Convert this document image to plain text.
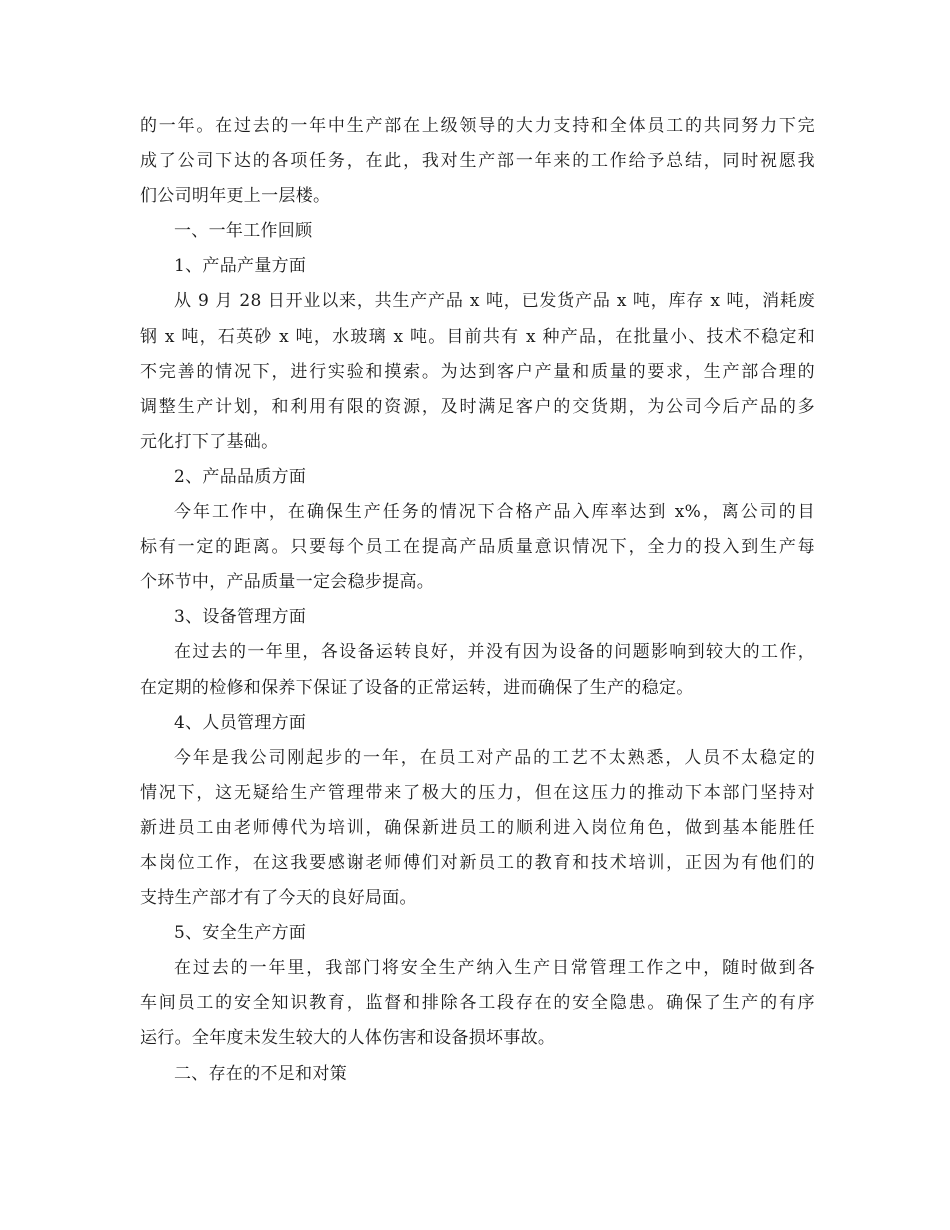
的一年。在过去的一年中生产部在上级领导的大力支持和全体员工的共同努力下完
成了公司下达的各项任务，在此，我对生产部一年来的工作给予总结，同时祝愿我
们公司明年更上一层楼。
一、一年工作回顾
1、产品产量方面
从 9 月 28 日开业以来，共生产产品 x 吨，已发货产品 x 吨，库存 x 吨，消耗废
钢 x 吨，石英砂 x 吨，水玻璃 x 吨。目前共有 x 种产品，在批量小、技术不稳定和
不完善的情况下，进行实验和摸索。为达到客户产量和质量的要求，生产部合理的
调整生产计划，和利用有限的资源，及时满足客户的交货期，为公司今后产品的多
元化打下了基础。
2、产品品质方面
今年工作中，在确保生产任务的情况下合格产品入库率达到 x%，离公司的目
标有一定的距离。只要每个员工在提高产品质量意识情况下，全力的投入到生产每
个环节中，产品质量一定会稳步提高。
3、设备管理方面
在过去的一年里，各设备运转良好，并没有因为设备的问题影响到较大的工作，
在定期的检修和保养下保证了设备的正常运转，进而确保了生产的稳定。
4、人员管理方面
今年是我公司刚起步的一年，在员工对产品的工艺不太熟悉，人员不太稳定的
情况下，这无疑给生产管理带来了极大的压力，但在这压力的推动下本部门坚持对
新进员工由老师傅代为培训，确保新进员工的顺利进入岗位角色，做到基本能胜任
本岗位工作，在这我要感谢老师傅们对新员工的教育和技术培训，正因为有他们的
支持生产部才有了今天的良好局面。
5、安全生产方面
在过去的一年里，我部门将安全生产纳入生产日常管理工作之中，随时做到各
车间员工的安全知识教育，监督和排除各工段存在的安全隐患。确保了生产的有序
运行。全年度未发生较大的人体伤害和设备损坏事故。
二、存在的不足和对策
